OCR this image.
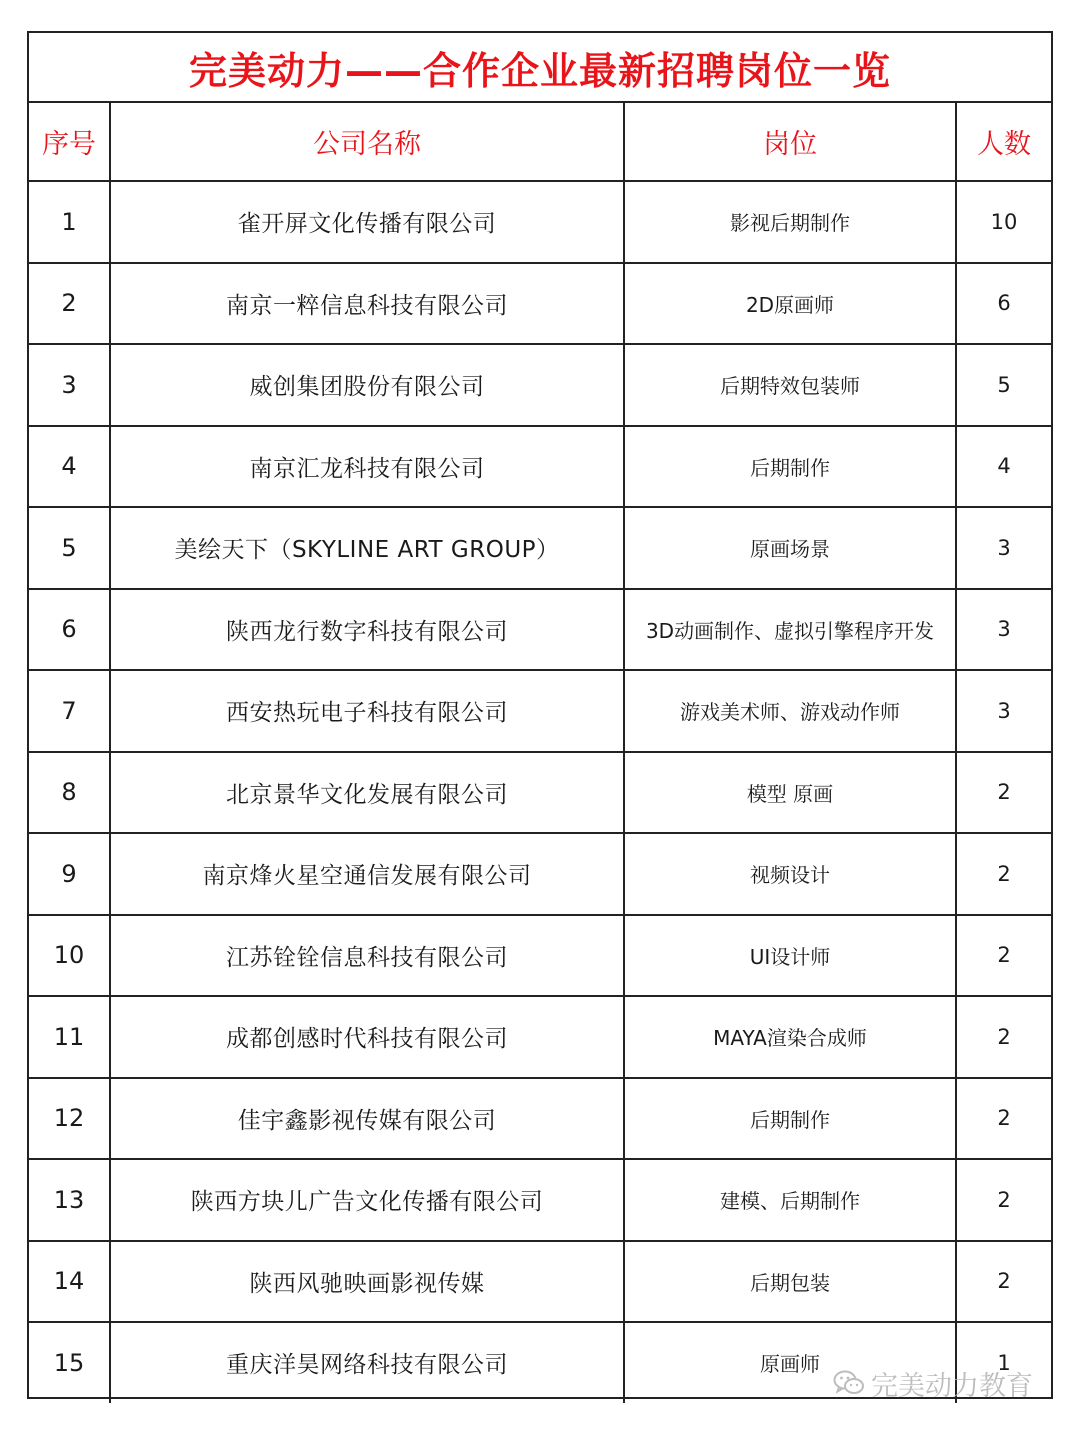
完美动力——合作企业最新招聘岗位一览
序号	公司名称	岗位	人数
1	雀开屏文化传播有限公司	影视后期制作	10
2	南京一粹信息科技有限公司	2D原画师	6
3	威创集团股份有限公司	后期特效包装师	5
4	南京汇龙科技有限公司	后期制作	4
5	美绘天下（SKYLINE ART GROUP）	原画场景	3
6	陕西龙行数字科技有限公司	3D动画制作、虚拟引擎程序开发	3
7	西安热玩电子科技有限公司	游戏美术师、游戏动作师	3
8	北京景华文化发展有限公司	模型 原画	2
9	南京烽火星空通信发展有限公司	视频设计	2
10	江苏铨铨信息科技有限公司	UI设计师	2
11	成都创感时代科技有限公司	MAYA渲染合成师	2
12	佳宇鑫影视传媒有限公司	后期制作	2
13	陕西方块儿广告文化传播有限公司	建模、后期制作	2
14	陕西风驰映画影视传媒	后期包装	2
15	重庆洋昊网络科技有限公司	原画师	1
完美动力教育
